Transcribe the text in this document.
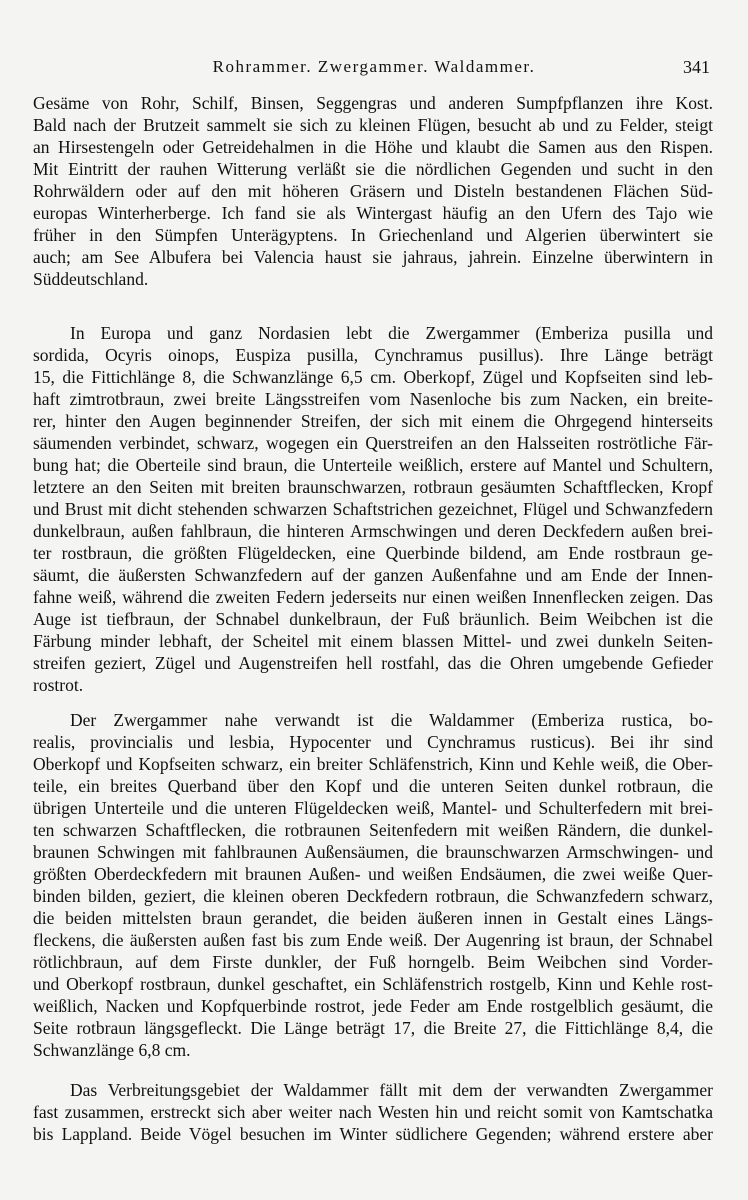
Rohrammer. Zwergammer. Waldammer.	341
Gesäme von Rohr, Schilf, Binsen, Seggengras und anderen Sumpfpflanzen ihre Kost.
Bald nach der Brutzeit sammelt sie sich zu kleinen Flügen, besucht ab und zu Felder, steigt
an Hirsestengeln oder Getreidehalmen in die Höhe und klaubt die Samen aus den Rispen.
Mit Eintritt der rauhen Witterung verläßt sie die nördlichen Gegenden und sucht in den
Rohrwäldern oder auf den mit höheren Gräsern und Disteln bestandenen Flächen Süd-
europas Winterherberge. Ich fand sie als Wintergast häufig an den Ufern des Tajo wie
früher in den Sümpfen Unterägyptens. In Griechenland und Algerien überwintert sie
auch; am See Albufera bei Valencia haust sie jahraus, jahrein. Einzelne überwintern in
Süddeutschland.
In Europa und ganz Nordasien lebt die Zwergammer (Emberiza pusilla und
sordida, Ocyris oinops, Euspiza pusilla, Cynchramus pusillus). Ihre Länge beträgt
15, die Fittichlänge 8, die Schwanzlänge 6,5 cm. Oberkopf, Zügel und Kopfseiten sind leb-
haft zimtrotbraun, zwei breite Längsstreifen vom Nasenloche bis zum Nacken, ein breite-
rer, hinter den Augen beginnender Streifen, der sich mit einem die Ohrgegend hinterseits
säumenden verbindet, schwarz, wogegen ein Querstreifen an den Halsseiten roströtliche Fär-
bung hat; die Oberteile sind braun, die Unterteile weißlich, erstere auf Mantel und Schultern,
letztere an den Seiten mit breiten braunschwarzen, rotbraun gesäumten Schaftflecken, Kropf
und Brust mit dicht stehenden schwarzen Schaftstrichen gezeichnet, Flügel und Schwanzfedern
dunkelbraun, außen fahlbraun, die hinteren Armschwingen und deren Deckfedern außen brei-
ter rostbraun, die größten Flügeldecken, eine Querbinde bildend, am Ende rostbraun ge-
säumt, die äußersten Schwanzfedern auf der ganzen Außenfahne und am Ende der Innen-
fahne weiß, während die zweiten Federn jederseits nur einen weißen Innenflecken zeigen. Das
Auge ist tiefbraun, der Schnabel dunkelbraun, der Fuß bräunlich. Beim Weibchen ist die
Färbung minder lebhaft, der Scheitel mit einem blassen Mittel- und zwei dunkeln Seiten-
streifen geziert, Zügel und Augenstreifen hell rostfahl, das die Ohren umgebende Gefieder
rostrot.
Der Zwergammer nahe verwandt ist die Waldammer (Emberiza rustica, bo-
realis, provincialis und lesbia, Hypocenter und Cynchramus rusticus). Bei ihr sind
Oberkopf und Kopfseiten schwarz, ein breiter Schläfenstrich, Kinn und Kehle weiß, die Ober-
teile, ein breites Querband über den Kopf und die unteren Seiten dunkel rotbraun, die
übrigen Unterteile und die unteren Flügeldecken weiß, Mantel- und Schulterfedern mit brei-
ten schwarzen Schaftflecken, die rotbraunen Seitenfedern mit weißen Rändern, die dunkel-
braunen Schwingen mit fahlbraunen Außensäumen, die braunschwarzen Armschwingen- und
größten Oberdeckfedern mit braunen Außen- und weißen Endsäumen, die zwei weiße Quer-
binden bilden, geziert, die kleinen oberen Deckfedern rotbraun, die Schwanzfedern schwarz,
die beiden mittelsten braun gerandet, die beiden äußeren innen in Gestalt eines Längs-
fleckens, die äußersten außen fast bis zum Ende weiß. Der Augenring ist braun, der Schnabel
rötlichbraun, auf dem Firste dunkler, der Fuß horngelb. Beim Weibchen sind Vorder-
und Oberkopf rostbraun, dunkel geschaftet, ein Schläfenstrich rostgelb, Kinn und Kehle rost-
weißlich, Nacken und Kopfquerbinde rostrot, jede Feder am Ende rostgelblich gesäumt, die
Seite rotbraun längsgefleckt. Die Länge beträgt 17, die Breite 27, die Fittichlänge 8,4, die
Schwanzlänge 6,8 cm.
Das Verbreitungsgebiet der Waldammer fällt mit dem der verwandten Zwergammer
fast zusammen, erstreckt sich aber weiter nach Westen hin und reicht somit von Kamtschatka
bis Lappland. Beide Vögel besuchen im Winter südlichere Gegenden; während erstere aber
